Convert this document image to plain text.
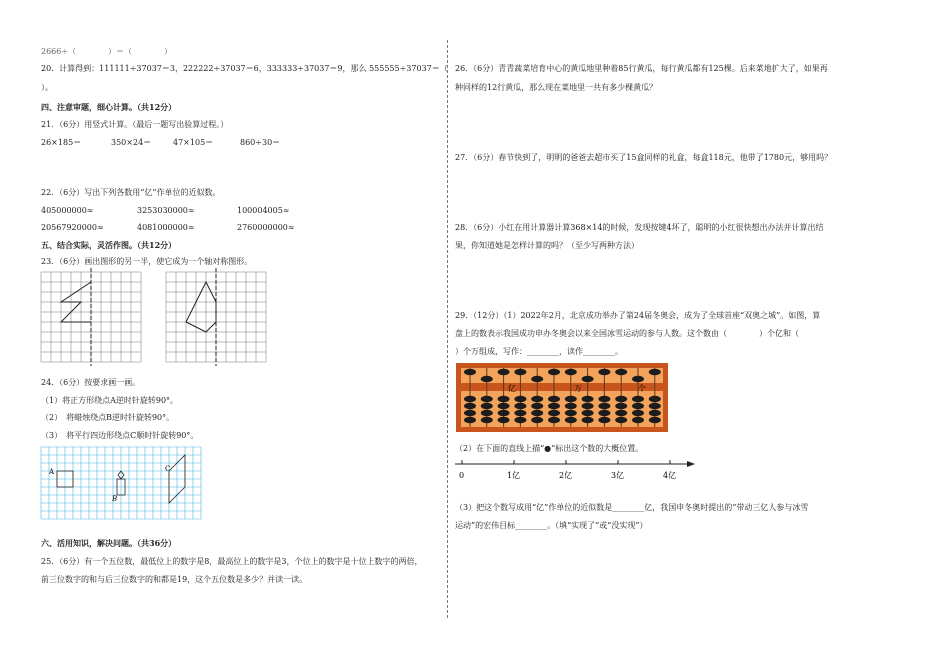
2666÷（　　　　）＝（　　　　）
20．计算得到：111111÷37037＝3，222222÷37037＝6，333333÷37037＝9，那么 555555÷37037＝（
）。
四、注意审题，细心计算。（共12分）
21．（6分）用竖式计算。（最后一题写出验算过程。）
26×185＝	350×24＝	47×105＝	860÷30＝
22．（6分）写出下列各数用“亿”作单位的近似数。
405000000≈	3253030000≈	100004005≈
20567920000≈	4081000000≈	2760000000≈
五、结合实际，灵活作图。（共12分）
23．（6分）画出图形的另一半，使它成为一个轴对称图形。
24．（6分）按要求画一画。
（1）将正方形绕点A逆时针旋转90°。
（2）　将蜡烛绕点B逆时针旋转90°。
（3）　将平行四边形绕点C顺时针旋转90°。
A
B
C
六、活用知识，解决问题。（共36分）
25．（6分）有一个五位数，最低位上的数字是8，最高位上的数字是3，个位上的数字是十位上数字的两倍，
前三位数字的和与后三位数字的和都是19，这个五位数是多少？并读一读。
26．（6分）青青蔬菜培育中心的黄瓜地里种着85行黄瓜，每行黄瓜都有125棵。后来菜地扩大了，如果再
种同样的12行黄瓜，那么现在菜地里一共有多少棵黄瓜？
27．（6分）春节快到了，明明的爸爸去超市买了15盒同样的礼盒，每盒118元，他带了1780元，够用吗？
28．（6分）小红在用计算器计算368×14的时候，发现按键4坏了，聪明的小红很快想出办法并计算出结
果，你知道她是怎样计算的吗？（至少写两种方法）
29．（12分）（1）2022年2月，北京成功举办了第24届冬奥会，成为了全球首座“双奥之城”。如图，算
盘上的数表示我国成功申办冬奥会以来全国冰雪运动的参与人数。这个数由（　　　　）个亿和（
）个万组成，写作：________，读作________。
亿	万	个
（2）在下面的直线上描“●”标出这个数的大概位置。
0	1亿	2亿	3亿	4亿
（3）把这个数写成用“亿”作单位的近似数是________亿，我国申冬奥时提出的“带动三亿人参与冰雪
运动”的宏伟目标________。（填“实现了”或“没实现”）
